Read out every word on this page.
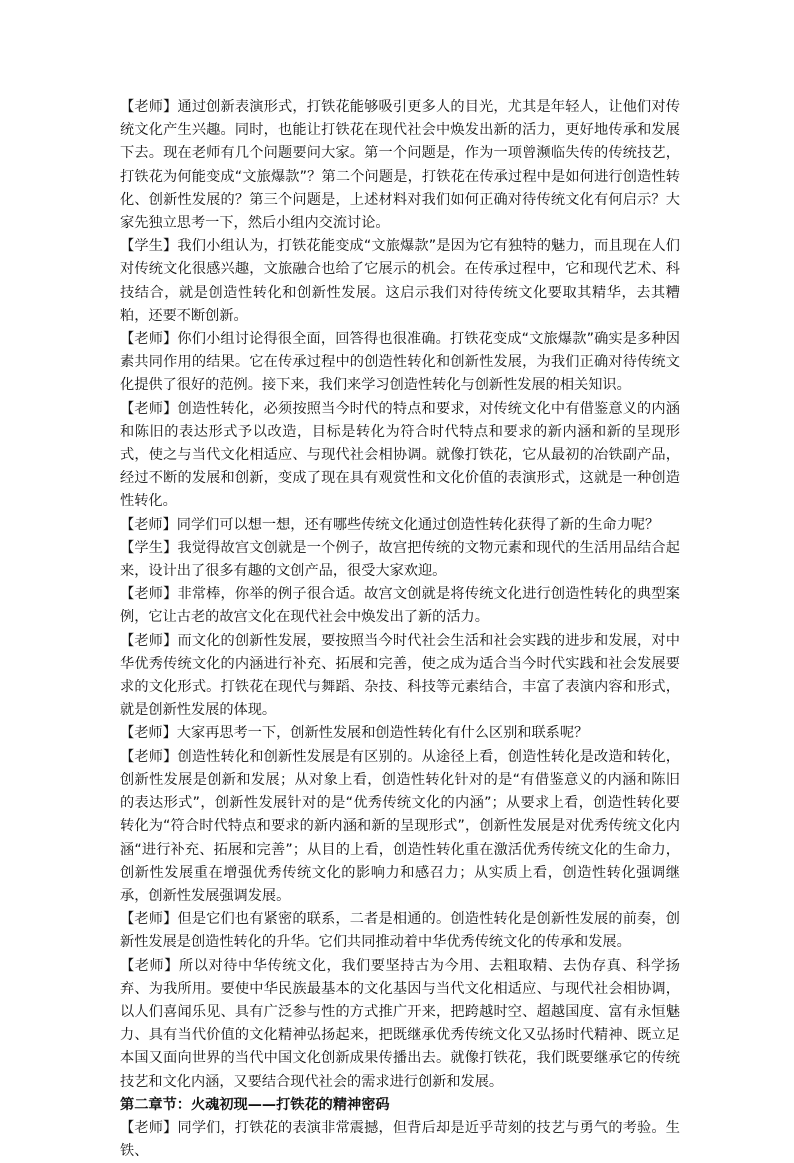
【老师】通过创新表演形式，打铁花能够吸引更多人的目光，尤其是年轻人，让他们对传统文化产生兴趣。同时，也能让打铁花在现代社会中焕发出新的活力，更好地传承和发展下去。现在老师有几个问题要问大家。第一个问题是，作为一项曾濒临失传的传统技艺，打铁花为何能变成“文旅爆款”？第二个问题是，打铁花在传承过程中是如何进行创造性转化、创新性发展的？第三个问题是，上述材料对我们如何正确对待传统文化有何启示？大家先独立思考一下，然后小组内交流讨论。

【学生】我们小组认为，打铁花能变成“文旅爆款”是因为它有独特的魅力，而且现在人们对传统文化很感兴趣，文旅融合也给了它展示的机会。在传承过程中，它和现代艺术、科技结合，就是创造性转化和创新性发展。这启示我们对待传统文化要取其精华，去其糟粕，还要不断创新。

【老师】你们小组讨论得很全面，回答得也很准确。打铁花变成“文旅爆款”确实是多种因素共同作用的结果。它在传承过程中的创造性转化和创新性发展，为我们正确对待传统文化提供了很好的范例。接下来，我们来学习创造性转化与创新性发展的相关知识。

【老师】创造性转化，必须按照当今时代的特点和要求，对传统文化中有借鉴意义的内涵和陈旧的表达形式予以改造，目标是转化为符合时代特点和要求的新内涵和新的呈现形式，使之与当代文化相适应、与现代社会相协调。就像打铁花，它从最初的冶铁副产品，经过不断的发展和创新，变成了现在具有观赏性和文化价值的表演形式，这就是一种创造性转化。

【老师】同学们可以想一想，还有哪些传统文化通过创造性转化获得了新的生命力呢？

【学生】我觉得故宫文创就是一个例子，故宫把传统的文物元素和现代的生活用品结合起来，设计出了很多有趣的文创产品，很受大家欢迎。

【老师】非常棒，你举的例子很合适。故宫文创就是将传统文化进行创造性转化的典型案例，它让古老的故宫文化在现代社会中焕发出了新的活力。

【老师】而文化的创新性发展，要按照当今时代社会生活和社会实践的进步和发展，对中华优秀传统文化的内涵进行补充、拓展和完善，使之成为适合当今时代实践和社会发展要求的文化形式。打铁花在现代与舞蹈、杂技、科技等元素结合，丰富了表演内容和形式，就是创新性发展的体现。

【老师】大家再思考一下，创新性发展和创造性转化有什么区别和联系呢？

【老师】创造性转化和创新性发展是有区别的。从途径上看，创造性转化是改造和转化，创新性发展是创新和发展；从对象上看，创造性转化针对的是“有借鉴意义的内涵和陈旧的表达形式”，创新性发展针对的是“优秀传统文化的内涵”；从要求上看，创造性转化要转化为“符合时代特点和要求的新内涵和新的呈现形式”，创新性发展是对优秀传统文化内涵“进行补充、拓展和完善”；从目的上看，创造性转化重在激活优秀传统文化的生命力，创新性发展重在增强优秀传统文化的影响力和感召力；从实质上看，创造性转化强调继承，创新性发展强调发展。

【老师】但是它们也有紧密的联系，二者是相通的。创造性转化是创新性发展的前奏，创新性发展是创造性转化的升华。它们共同推动着中华优秀传统文化的传承和发展。

【老师】所以对待中华传统文化，我们要坚持古为今用、去粗取精、去伪存真、科学扬弃、为我所用。要使中华民族最基本的文化基因与当代文化相适应、与现代社会相协调，以人们喜闻乐见、具有广泛参与性的方式推广开来，把跨越时空、超越国度、富有永恒魅力、具有当代价值的文化精神弘扬起来，把既继承优秀传统文化又弘扬时代精神、既立足本国又面向世界的当代中国文化创新成果传播出去。就像打铁花，我们既要继承它的传统技艺和文化内涵，又要结合现代社会的需求进行创新和发展。

第二章节：火魂初现——打铁花的精神密码

【老师】同学们，打铁花的表演非常震撼，但背后却是近乎苛刻的技艺与勇气的考验。生铁、
